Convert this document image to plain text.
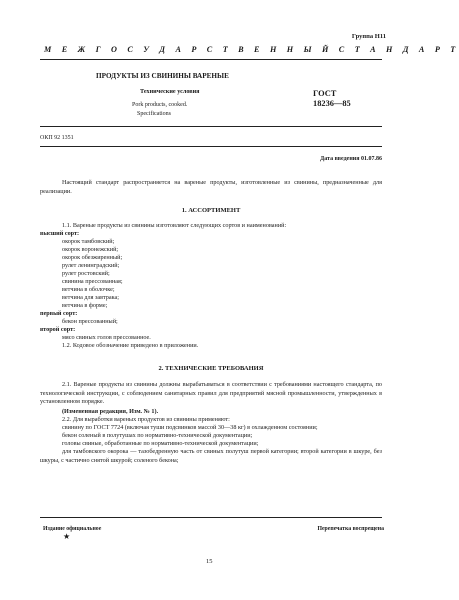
Группа Н11
М Е Ж Г О С У Д А Р С Т В Е Н Н Ы Й С Т А Н Д А Р Т
ПРОДУКТЫ ИЗ СВИНИНЫ ВАРЕНЫЕ
Технические условия
Pork products, cooked.
Specifications
ГОСТ
18236—85
ОКП 92 1351
Дата введения 01.07.86
Настоящий стандарт распространяется на вареные продукты, изготовленные из свинины, предназначенные для реализации.
1. АССОРТИМЕНТ
1.1. Вареные продукты из свинины изготовляют следующих сортов и наименований:
высший сорт:
окорок тамбовский;
окорок воронежский;
окорок обезжиренный;
рулет ленинградский;
рулет ростовский;
свинина прессованная;
ветчина в оболочке;
ветчина для завтрака;
ветчина в форме;
первый сорт:
бекон прессованный;
второй сорт:
мясо свиных голов прессованное.
1.2. Кодовое обозначение приведено в приложении.
2. ТЕХНИЧЕСКИЕ ТРЕБОВАНИЯ
2.1. Вареные продукты из свинины должны вырабатываться в соответствии с требованиями настоящего стандарта, по технологической инструкции, с соблюдением санитарных правил для предприятий мясной промышленности, утвержденных в установленном порядке.
(Измененная редакция, Изм. № 1).
2.2. Для выработки вареных продуктов из свинины применяют:
свинину по ГОСТ 7724 (включая туши подсвинков массой 30—38 кг) в охлажденном состоянии;
бекон соленый в полутушах по нормативно-технической документации;
головы свиные, обработанные по нормативно-технической документации;
для тамбовского окорока — тазобедренную часть от свиных полутуш первой категории; второй категории в шкуре, без шкуры, с частично снятой шкурой; соленого бекона;
Издание официальное
★
Перепечатка воспрещена
15
